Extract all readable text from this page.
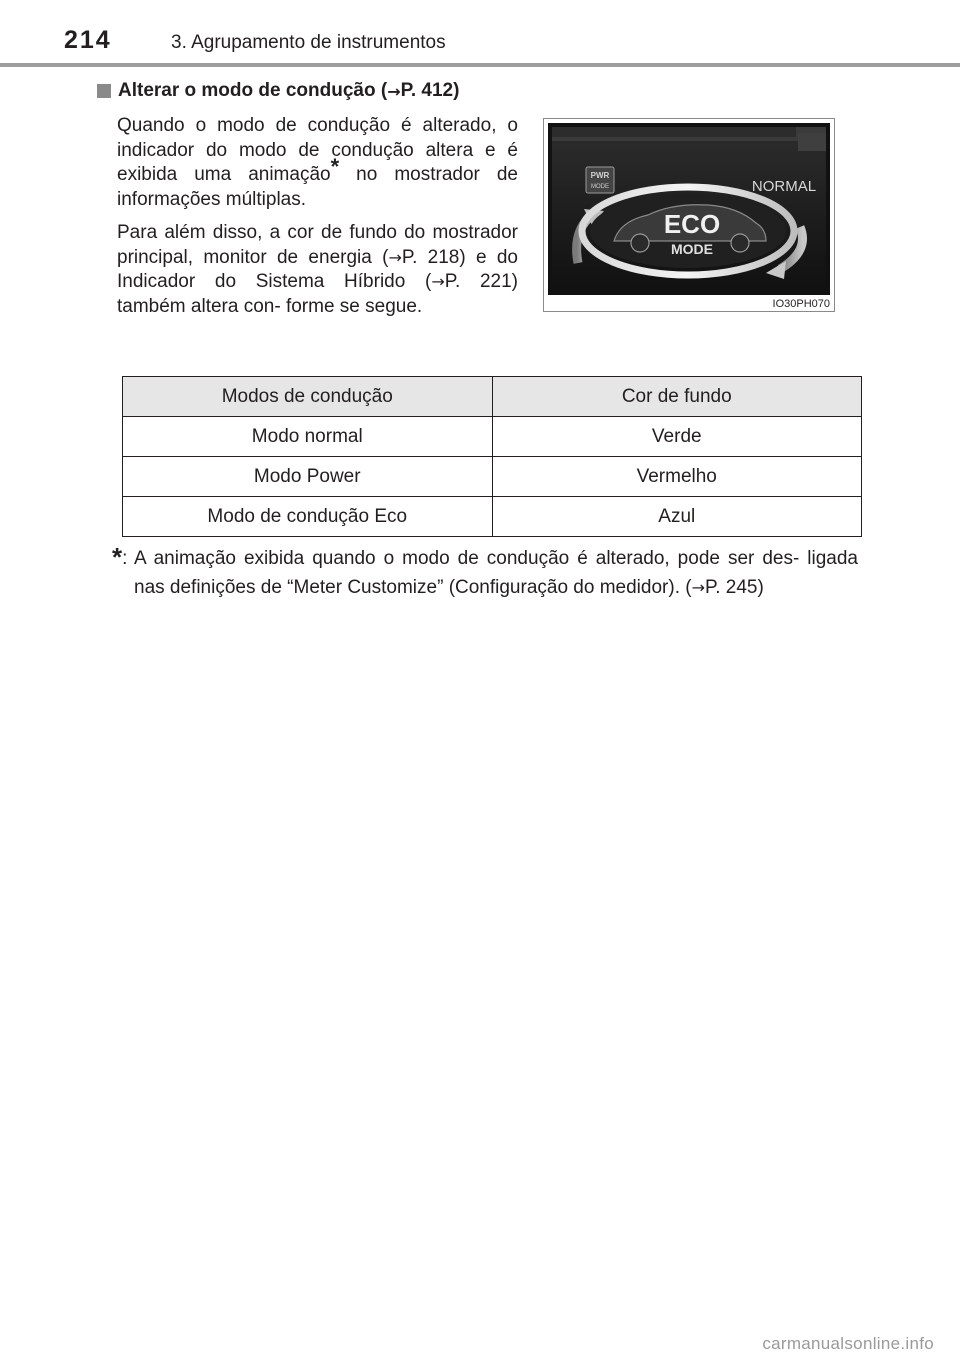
214	3. Agrupamento de instrumentos
Alterar o modo de condução ( → P. 412)

Quando o modo de condução é alterado, o indicador do modo de condução altera e é exibida uma animação* no mostrador de informações múltiplas.

Para além disso, a cor de fundo do mostrador principal, monitor de energia (→P. 218) e do Indicador do Sistema Híbrido (→P. 221) também altera con- forme se segue.

PWR
MODE	NORMAL
ECO
MODE
IO30PH070
Modos de condução	Cor de fundo
Modo normal	Verde
Modo Power	Vermelho
Modo de condução Eco	Azul
*: A animação exibida quando o modo de condução é alterado, pode ser des- ligada nas definições de “Meter Customize” (Configuração do medidor). (→P. 245)

carmanualsonline.info
